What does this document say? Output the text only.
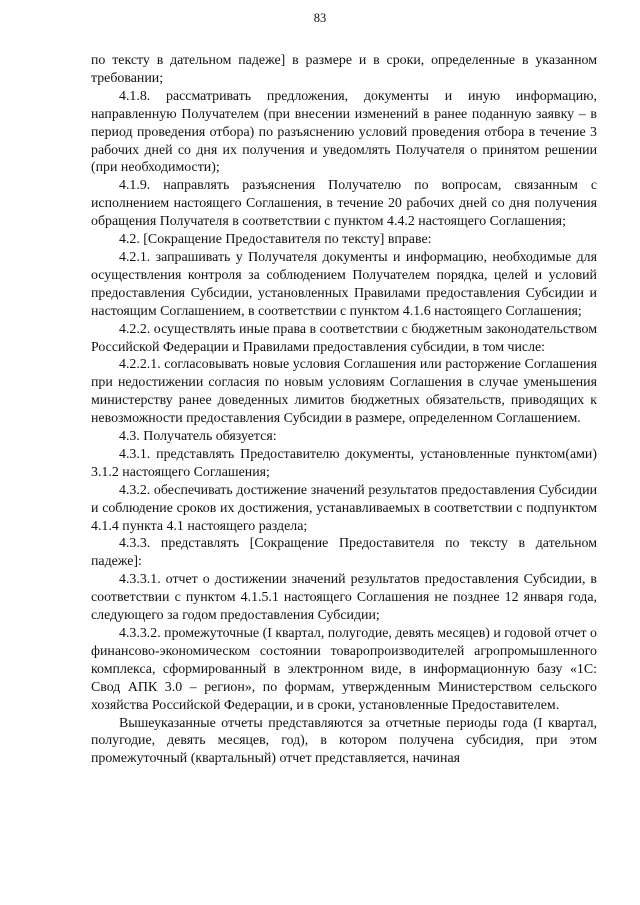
83

по тексту в дательном падеже] в размере и в сроки, определенные в указанном требовании;

4.1.8. рассматривать предложения, документы и иную информацию, направленную Получателем (при внесении изменений в ранее поданную заявку – в период проведения отбора) по разъяснению условий проведения отбора в течение 3 рабочих дней со дня их получения и уведомлять Получателя о принятом решении (при необходимости);

4.1.9. направлять разъяснения Получателю по вопросам, связанным с исполнением настоящего Соглашения, в течение 20 рабочих дней со дня получения обращения Получателя в соответствии с пунктом 4.4.2 настоящего Соглашения;

4.2. [Сокращение Предоставителя по тексту] вправе:

4.2.1. запрашивать у Получателя документы и информацию, необходимые для осуществления контроля за соблюдением Получателем порядка, целей и условий предоставления Субсидии, установленных Правилами предоставления Субсидии и настоящим Соглашением, в соответствии с пунктом 4.1.6 настоящего Соглашения;

4.2.2. осуществлять иные права в соответствии с бюджетным законодательством Российской Федерации и Правилами предоставления субсидии, в том числе:

4.2.2.1. согласовывать новые условия Соглашения или расторжение Соглашения при недостижении согласия по новым условиям Соглашения в случае уменьшения министерству ранее доведенных лимитов бюджетных обязательств, приводящих к невозможности предоставления Субсидии в размере, определенном Соглашением.

4.3. Получатель обязуется:

4.3.1. представлять Предоставителю документы, установленные пунктом(ами) 3.1.2 настоящего Соглашения;

4.3.2. обеспечивать достижение значений результатов предоставления Субсидии и соблюдение сроков их достижения, устанавливаемых в соответствии с подпунктом 4.1.4 пункта 4.1 настоящего раздела;

4.3.3. представлять [Сокращение Предоставителя по тексту в дательном падеже]:

4.3.3.1. отчет о достижении значений результатов предоставления Субсидии, в соответствии с пунктом 4.1.5.1 настоящего Соглашения не позднее 12 января года, следующего за годом предоставления Субсидии;

4.3.3.2. промежуточные (I квартал, полугодие, девять месяцев) и годовой отчет о финансово-экономическом состоянии товаропроизводителей агропромышленного комплекса, сформированный в электронном виде, в информационную базу «1С: Свод АПК 3.0 – регион», по формам, утвержденным Министерством сельского хозяйства Российской Федерации, и в сроки, установленные Предоставителем.

Вышеуказанные отчеты представляются за отчетные периоды года (I квартал, полугодие, девять месяцев, год), в котором получена субсидия, при этом промежуточный (квартальный) отчет представляется, начиная
